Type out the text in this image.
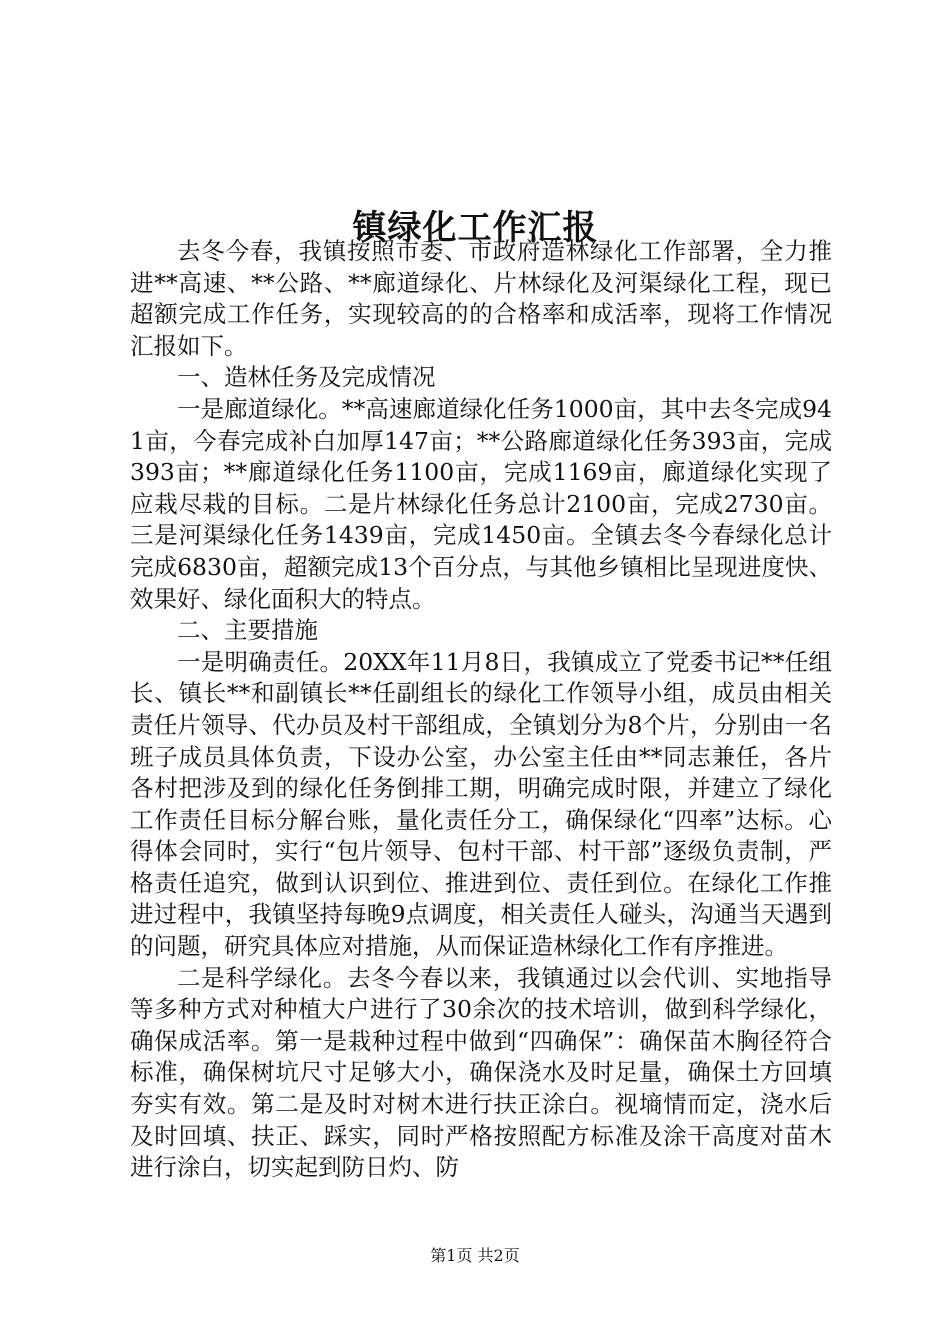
镇绿化工作汇报

去冬今春，我镇按照市委、市政府造林绿化工作部署，全力推进**高速、**公路、**廊道绿化、片林绿化及河渠绿化工程，现已超额完成工作任务，实现较高的的合格率和成活率，现将工作情况汇报如下。

一、造林任务及完成情况

一是廊道绿化。**高速廊道绿化任务1000亩，其中去冬完成941亩，今春完成补白加厚147亩；**公路廊道绿化任务393亩，完成393亩；**廊道绿化任务1100亩，完成1169亩，廊道绿化实现了应栽尽栽的目标。二是片林绿化任务总计2100亩，完成2730亩。三是河渠绿化任务1439亩，完成1450亩。全镇去冬今春绿化总计完成6830亩，超额完成13个百分点，与其他乡镇相比呈现进度快、效果好、绿化面积大的特点。

二、主要措施

一是明确责任。20XX年11月8日，我镇成立了党委书记**任组长、镇长**和副镇长**任副组长的绿化工作领导小组，成员由相关责任片领导、代办员及村干部组成，全镇划分为8个片，分别由一名班子成员具体负责，下设办公室，办公室主任由**同志兼任，各片各村把涉及到的绿化任务倒排工期，明确完成时限，并建立了绿化工作责任目标分解台账，量化责任分工，确保绿化“四率”达标。心得体会同时，实行“包片领导、包村干部、村干部”逐级负责制，严格责任追究，做到认识到位、推进到位、责任到位。在绿化工作推进过程中，我镇坚持每晚9点调度，相关责任人碰头，沟通当天遇到的问题，研究具体应对措施，从而保证造林绿化工作有序推进。

二是科学绿化。去冬今春以来，我镇通过以会代训、实地指导等多种方式对种植大户进行了30余次的技术培训，做到科学绿化，确保成活率。第一是栽种过程中做到“四确保”：确保苗木胸径符合标准，确保树坑尺寸足够大小，确保浇水及时足量，确保土方回填夯实有效。第二是及时对树木进行扶正涂白。视墒情而定，浇水后及时回填、扶正、踩实，同时严格按照配方标准及涂干高度对苗木进行涂白，切实起到防日灼、防

第1页 共2页
